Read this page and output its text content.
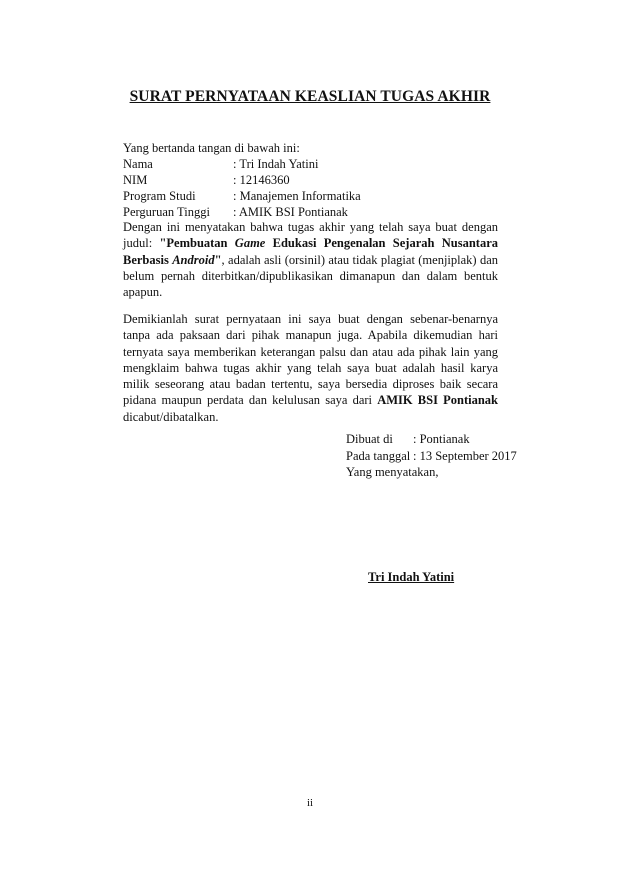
SURAT PERNYATAAN KEASLIAN TUGAS AKHIR
Yang bertanda tangan di bawah ini:
Nama	: Tri Indah Yatini
NIM	: 12146360
Program Studi	: Manajemen Informatika
Perguruan Tinggi : AMIK BSI Pontianak

Dengan ini menyatakan bahwa tugas akhir yang telah saya buat dengan judul: "Pembuatan Game Edukasi Pengenalan Sejarah Nusantara Berbasis Android", adalah asli (orsinil) atau tidak plagiat (menjiplak) dan belum pernah diterbitkan/dipublikasikan dimanapun dan dalam bentuk apapun.

Demikianlah surat pernyataan ini saya buat dengan sebenar-benarnya tanpa ada paksaan dari pihak manapun juga. Apabila dikemudian hari ternyata saya memberikan keterangan palsu dan atau ada pihak lain yang mengklaim bahwa tugas akhir yang telah saya buat adalah hasil karya milik seseorang atau badan tertentu, saya bersedia diproses baik secara pidana maupun perdata dan kelulusan saya dari AMIK BSI Pontianak dicabut/dibatalkan.

Dibuat di : Pontianak
Pada tanggal : 13 September 2017
Yang menyatakan,
Tri Indah Yatini
ii
